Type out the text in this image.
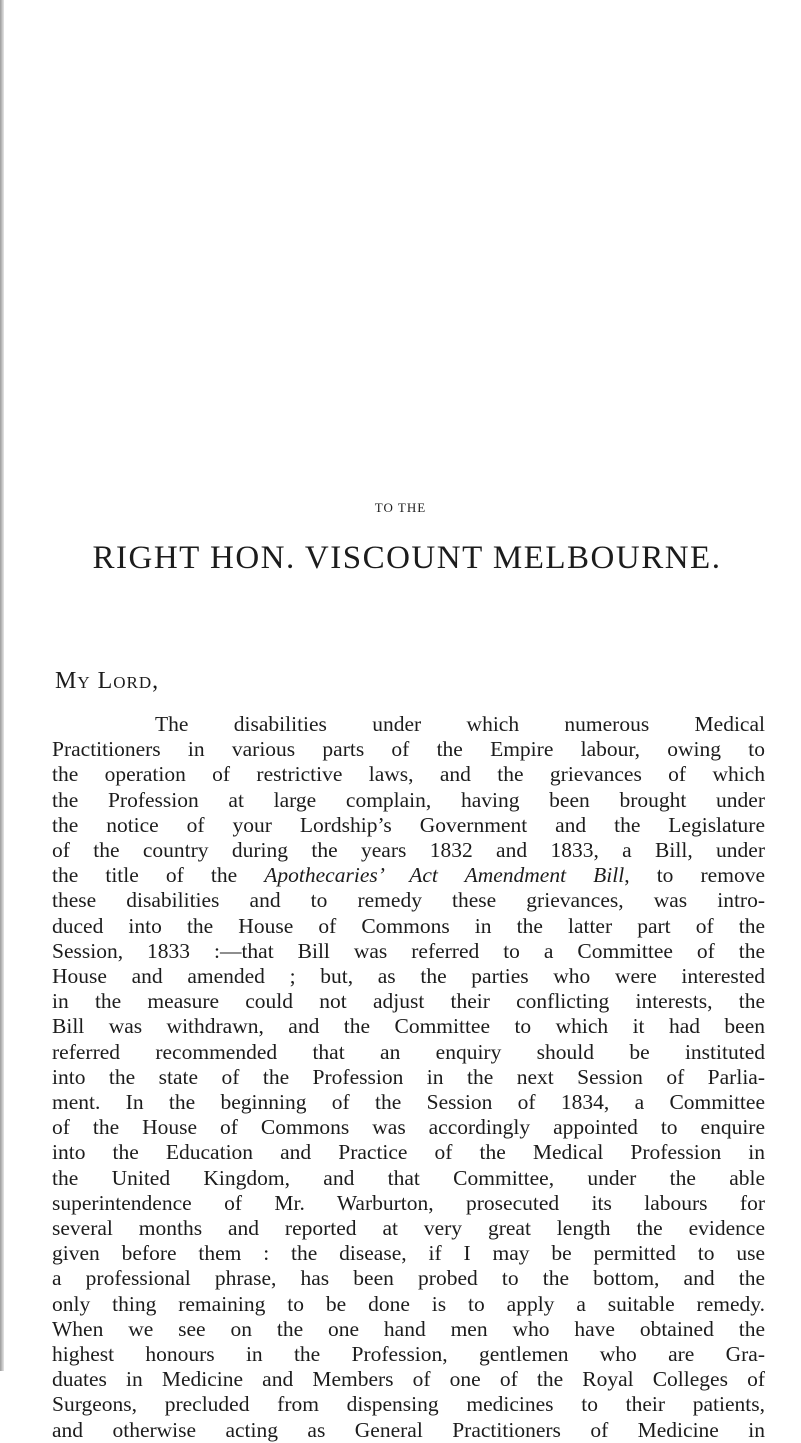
TO THE
RIGHT HON. VISCOUNT MELBOURNE.
My Lord,
The disabilities under which numerous Medical
Practitioners in various parts of the Empire labour, owing to
the operation of restrictive laws, and the grievances of which
the Profession at large complain, having been brought under
the notice of your Lordship’s Government and the Legislature
of the country during the years 1832 and 1833, a Bill, under
the title of the Apothecaries’ Act Amendment Bill, to remove
these disabilities and to remedy these grievances, was intro-
duced into the House of Commons in the latter part of the
Session, 1833 :—that Bill was referred to a Committee of the
House and amended ; but, as the parties who were interested
in the measure could not adjust their conflicting interests, the
Bill was withdrawn, and the Committee to which it had been
referred recommended that an enquiry should be instituted
into the state of the Profession in the next Session of Parlia-
ment. In the beginning of the Session of 1834, a Committee
of the House of Commons was accordingly appointed to enquire
into the Education and Practice of the Medical Profession in
the United Kingdom, and that Committee, under the able
superintendence of Mr. Warburton, prosecuted its labours for
several months and reported at very great length the evidence
given before them : the disease, if I may be permitted to use
a professional phrase, has been probed to the bottom, and the
only thing remaining to be done is to apply a suitable remedy.
When we see on the one hand men who have obtained the
highest honours in the Profession, gentlemen who are Gra-
duates in Medicine and Members of one of the Royal Colleges of
Surgeons, precluded from dispensing medicines to their patients,
and otherwise acting as General Practitioners of Medicine in
